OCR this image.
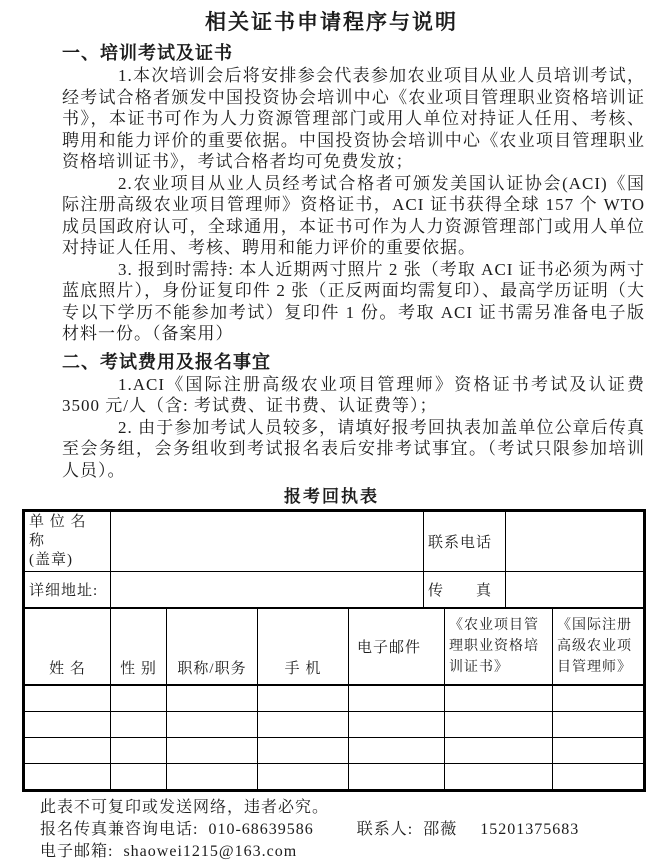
相关证书申请程序与说明
一、培训考试及证书

1.本次培训会后将安排参会代表参加农业项目从业人员培训考试，经考试合格者颁发中国投资协会培训中心《农业项目管理职业资格培训证书》，本证书可作为人力资源管理部门或用人单位对持证人任用、考核、聘用和能力评价的重要依据。中国投资协会培训中心《农业项目管理职业资格培训证书》，考试合格者均可免费发放；

2.农业项目从业人员经考试合格者可颁发美国认证协会(ACI)《国际注册高级农业项目管理师》资格证书，ACI 证书获得全球 157 个 WTO 成员国政府认可，全球通用，本证书可作为人力资源管理部门或用人单位对持证人任用、考核、聘用和能力评价的重要依据。

3. 报到时需持: 本人近期两寸照片 2 张（考取 ACI 证书必须为两寸蓝底照片），身份证复印件 2 张（正反两面均需复印）、最高学历证明（大专以下学历不能参加考试）复印件 1 份。考取 ACI 证书需另准备电子版材料一份。（备案用）

二、考试费用及报名事宜

1.ACI《国际注册高级农业项目管理师》资格证书考试及认证费 3500 元/人（含: 考试费、证书费、认证费等）；

2. 由于参加考试人员较多，请填好报考回执表加盖单位公章后传真至会务组，会务组收到考试报名表后安排考试事宜。（考试只限参加培训人员）。

报考回执表
单 位 名 称
(盖章)		联系电话	
详细地址:		传　　真	
姓 名	性 别	职称/职务	手 机	电子邮件	《农业项目管理职业资格培训证书》	《国际注册高级农业项目管理师》

此表不可复印或发送网络，违者必究。
报名传真兼咨询电话: 010-68639586	联系人: 邵薇 15201375683
电子邮箱: shaowei1215@163.com
